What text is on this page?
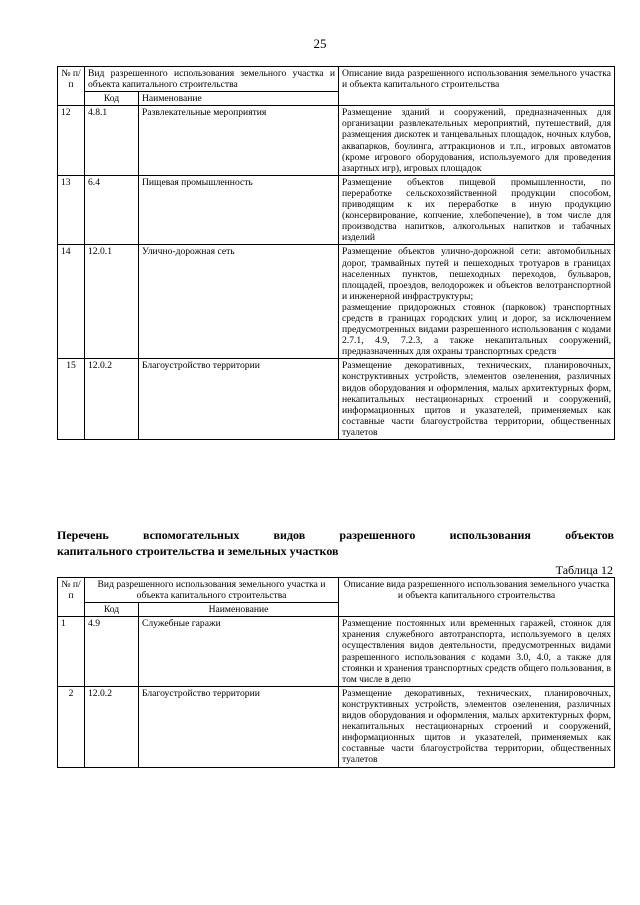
25
№ п/п	Вид разрешенного использования земельного участка и объекта капитального строительства		Описание вида разрешенного использования земельного участка и объекта капитального строительства
	Код	Наименование	
12	4.8.1	Развлекательные мероприятия	Размещение зданий и сооружений, предназначенных для организации развлекательных мероприятий, путешествий, для размещения дискотек и танцевальных площадок, ночных клубов, аквапарков, боулинга, аттракционов и т.п., игровых автоматов (кроме игрового оборудования, используемого для проведения азартных игр), игровых площадок

13	6.4	Пищевая промышленность	Размещение объектов пищевой промышленности, по переработке сельскохозяйственной продукции способом, приводящим к их переработке в иную продукцию (консервирование, копчение, хлебопечение), в том числе для производства напитков, алкогольных напитков и табачных изделий

14	12.0.1	Улично-дорожная сеть	Размещение объектов улично-дорожной сети: автомобильных дорог, трамвайных путей и пешеходных тротуаров в границах населенных пунктов, пешеходных переходов, бульваров, площадей, проездов, велодорожек и объектов велотранспортной и инженерной инфраструктуры;
размещение придорожных стоянок (парковок) транспортных средств в границах городских улиц и дорог, за исключением предусмотренных видами разрешенного использования с кодами 2.7.1, 4.9, 7.2.3, а также некапитальных сооружений, предназначенных для охраны транспортных средств

15	12.0.2	Благоустройство территории	Размещение декоративных, технических, планировочных, конструктивных устройств, элементов озеленения, различных видов оборудования и оформления, малых архитектурных форм, некапитальных нестационарных строений и сооружений, информационных щитов и указателей, применяемых как составные части благоустройства территории, общественных туалетов
Перечень вспомогательных видов разрешенного использования объектов
капитального строительства и земельных участков
Таблица 12
№ п/п	Вид разрешенного использования земельного участка и объекта капитального строительства		Описание вида разрешенного использования земельного участка и объекта капитального строительства
	Код	Наименование	
1	4.9	Служебные гаражи	Размещение постоянных или временных гаражей, стоянок для хранения служебного автотранспорта, используемого в целях осуществления видов деятельности, предусмотренных видами разрешенного использования с кодами 3.0, 4.0, а также для стоянки и хранения транспортных средств общего пользования, в том числе в депо

2	12.0.2	Благоустройство территории	Размещение декоративных, технических, планировочных, конструктивных устройств, элементов озеленения, различных видов оборудования и оформления, малых архитектурных форм, некапитальных нестационарных строений и сооружений, информационных щитов и указателей, применяемых как составные части благоустройства территории, общественных туалетов
